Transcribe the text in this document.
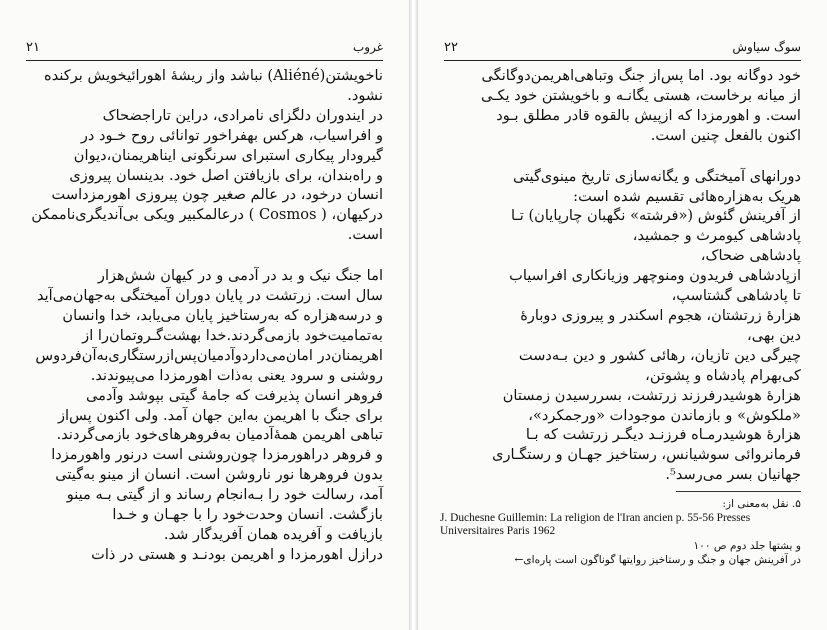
۲۱	غروب

ناخویشتن(Aliéné) نباشد واز ریشهٔ اهورائیخویش برکنده

نشود.

در ایندوران دلگزای نامرادی، دراین تاراجضحاک

و افراسیاب، هرکس بهفراخور توانائی روح خـود در

گیرودار پیکاری استبرای سرنگونی اینا‌هریمنان،دیوان

و راه‌بندان، برای بازیافتن اصل خود. بدینسان پیروزی

انسان درخود، در عالم صغیر چون پیروزی اهورمزداست

درکیهان، ( Cosmos ) درعالمکبیر ویکی بی‌آندیگری‌ناممکن

است.

اما جنگ نیک و بد در آدمی و در کیهان شش‌هزار

سال است. زرتشت در پایان دوران آمیختگی به‌جهان‌می‌آید

و درسه‌هزاره که به‌رستاخیز پایان می‌یابد، خدا وانسان

به‌تمامیت‌خود بازمی‌گردند.خدا بهشت‌گـرو‌تمان‌را از

اهریمنان‌در امان‌می‌داردو‌آدمیان‌پس‌از‌رستگاری‌به‌آن‌فردوس

روشنی و سرود یعنی به‌ذات اهورمزدا می‌پیوندند.

فروهر انسان پذیرفت که جامهٔ گیتی بپوشد و‌آدمی

برای جنگ با اهریمن به‌این جهان آمد. ولی اکنون پس‌از

تباهی اهریمن همهٔ‌آدمیان به‌فروهرهای‌خود بازمی‌گردند.

و فروهر در‌اهورمزدا چون‌روشنی است درنور واهورمزدا

بدون فروهرها نور نارو‌شن است. انسان از مینو به‌گیتی

آمد، رسالت خود را بـه‌انجام رساند و از گیتی بـه مینو

بازگشت. انسان وحدت‌خود را با جهـان و خـدا

بازیافت و آفریده همان آفریدگار شد.

درازل اهورمزدا و اهریمن بودنـد و هستی در ذات

۲۲	سوگ سیاوش

خود دوگانه بود. اما پس‌از جنگ وتباهی‌اهریمن‌دوگانگی

از میانه برخاست، هستی یگانـه و با‌خویشتن خود یکـی

است. و اهورمزدا که ازپیش بالقوه قادر مطلق بـود

اکنون بالفعل چنین است.

دورانهای آمیختگی و یگانه‌سازی تاریخ مینوی‌گیتی

هریک به‌هزاره‌هائی تقسیم شده است:

از آفرینش گئوش («فرشته» نگهبان چارپایان) تـا

پادشاهی کیومرث و جمشید،

پادشاهی ضحاک،

ازپادشاهی فریدون ومنوچهر وزیانکاری افراسیاب

تا پادشاهی گشتاسپ،

هزارهٔ زرتشتان، هجوم اسکندر و پیروزی دوبارهٔ

دین بهی،

چیرگی دین تازیان، رهائی کشور و دین بـه‌دست

کی‌بهرام پادشاه و پشوتن،

هزارهٔ هوشیدرفرزند زرتشت، بسررسیدن زمستان

«ملکوش» و بازماندن موجودات «ورجمکرد»،

هزارهٔ هوشیدرمـاه فرزنـد دیگـر زرتشت که بـا

فرمانروائی سوشیانس، رستاخیز جهـان و رستگـاری

جهانیان بسر می‌رسد⁵.

۵. نقل به‌معنی از:
J. Duchesne Guillemin: La religion de l'Iran ancien p. 55-56 Presses Universitaires Paris 1962
و یشتها جلد دوم ص ۱۰۰
در آفرینش جهان و جنگ و رستاخیز روایتها گوناگون است پاره‌ای←
